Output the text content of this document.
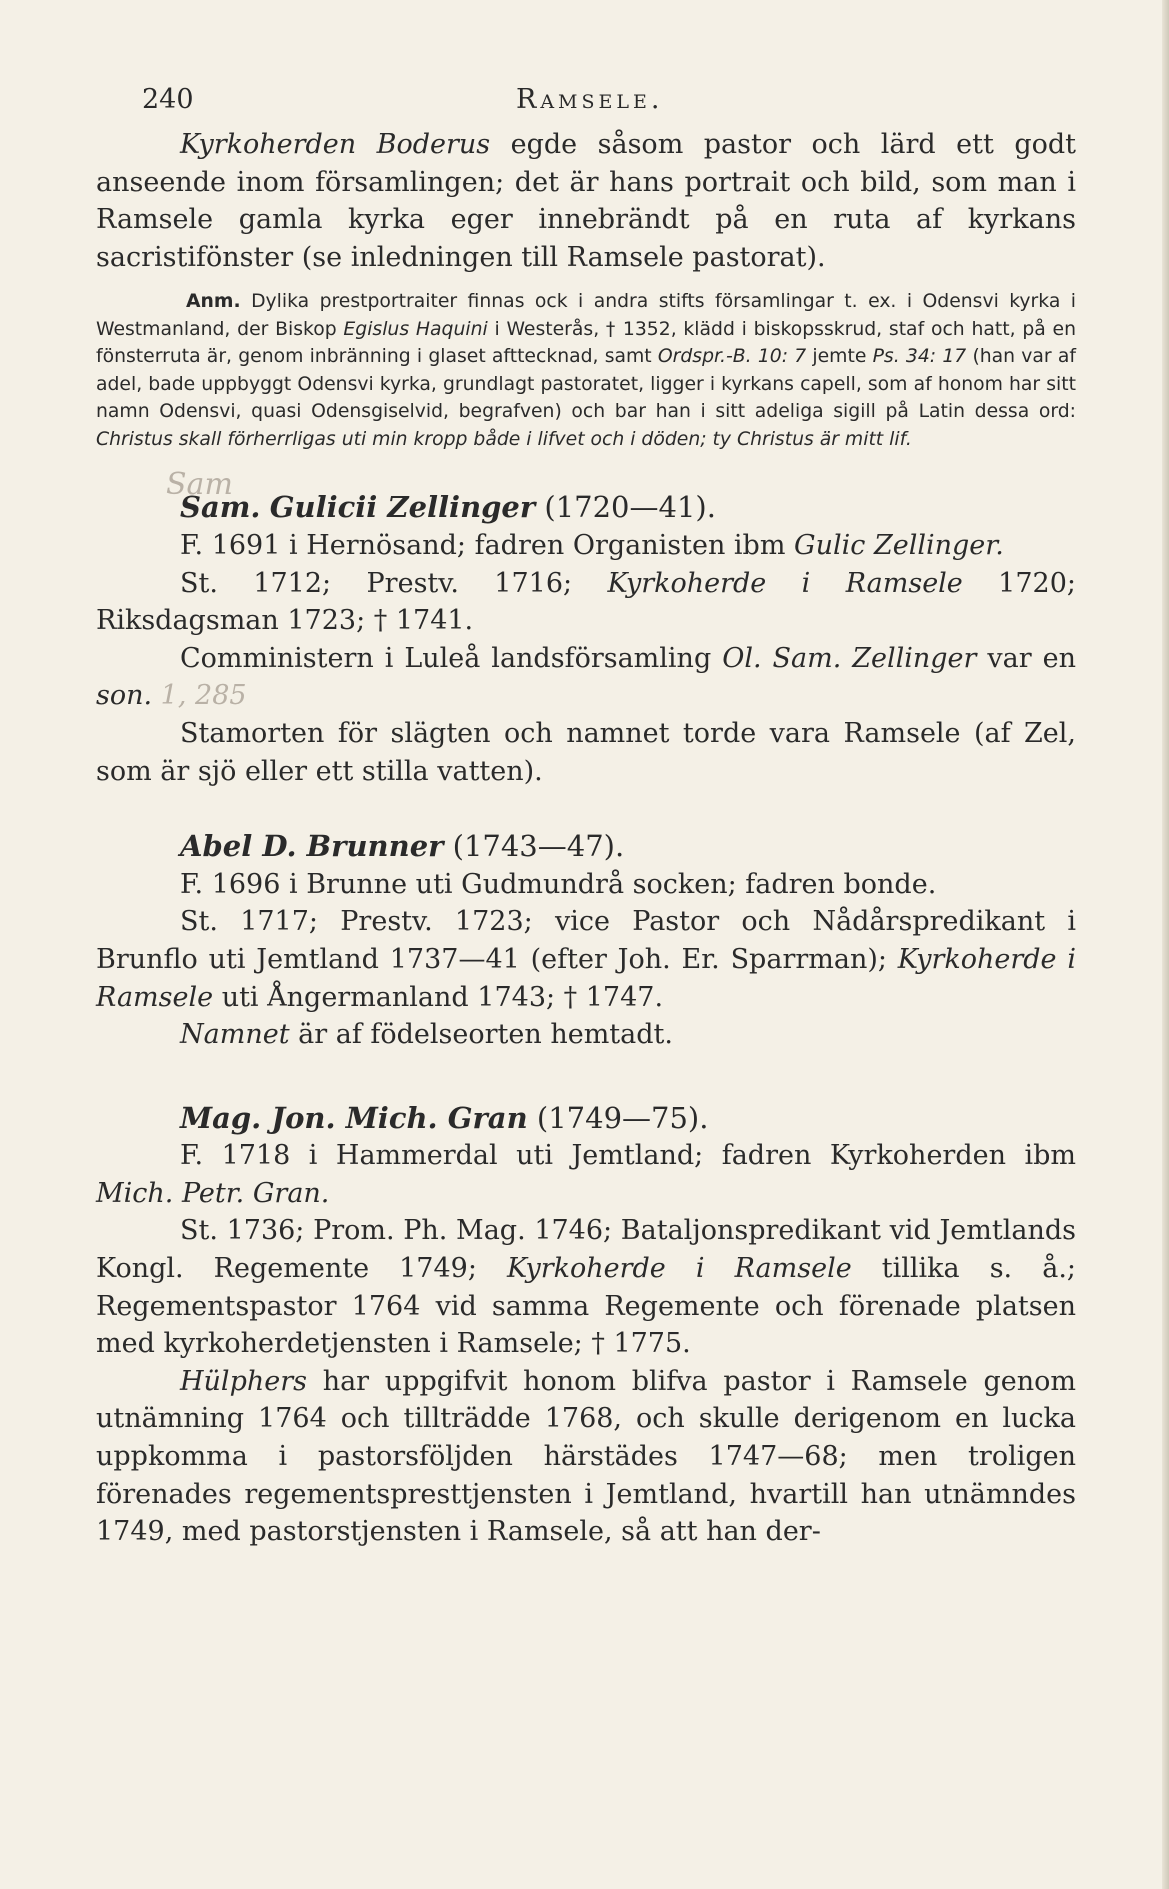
240	Ramsele.

Kyrkoherden Boderus egde såsom pastor och lärd ett godt anseende inom församlingen; det är hans portrait och bild, som man i Ramsele gamla kyrka eger innebrändt på en ruta af kyrkans sacristifönster (se inledningen till Ramsele pastorat).

Anm. Dylika prestportraiter finnas ock i andra stifts församlingar t. ex. i Odensvi kyrka i Westmanland, der Biskop Egislus Haquini i Westerås, † 1352, klädd i biskopsskrud, staf och hatt, på en fönsterruta är, genom inbränning i glaset afttecknad, samt Ordspr.-B. 10: 7 jemte Ps. 34: 17 (han var af adel, bade uppbyggt Odensvi kyrka, grundlagt pastoratet, ligger i kyrkans capell, som af honom har sitt namn Odensvi, quasi Odensgiselvid, begrafven) och bar han i sitt adeliga sigill på Latin dessa ord: Christus skall förherrligas uti min kropp både i lifvet och i döden; ty Christus är mitt lif.

Sam
Sam. Gulicii Zellinger (1720—41).

F. 1691 i Hernösand; fadren Organisten ibm Gulic Zellinger.

St. 1712; Prestv. 1716; Kyrkoherde i Ramsele 1720; Riksdagsman 1723; † 1741.

Comministern i Luleå landsförsamling Ol. Sam. Zellinger var en son. 1, 285

Stamorten för slägten och namnet torde vara Ramsele (af Zel, som är sjö eller ett stilla vatten).

Abel D. Brunner (1743—47).

F. 1696 i Brunne uti Gudmundrå socken; fadren bonde.

St. 1717; Prestv. 1723; vice Pastor och Nådårspredikant i Brunflo uti Jemtland 1737—41 (efter Joh. Er. Sparrman); Kyrkoherde i Ramsele uti Ångermanland 1743; † 1747.

Namnet är af födelseorten hemtadt.

Mag. Jon. Mich. Gran (1749—75).

F. 1718 i Hammerdal uti Jemtland; fadren Kyrkoherden ibm Mich. Petr. Gran.

St. 1736; Prom. Ph. Mag. 1746; Bataljonspredikant vid Jemtlands Kongl. Regemente 1749; Kyrkoherde i Ramsele tillika s. å.; Regementspastor 1764 vid samma Regemente och förenade platsen med kyrkoherdetjensten i Ramsele; † 1775.

Hülphers har uppgifvit honom blifva pastor i Ramsele genom utnämning 1764 och tillträdde 1768, och skulle derigenom en lucka uppkomma i pastorsföljden härstädes 1747—68; men troligen förenades regementspresttjensten i Jemtland, hvartill han utnämndes 1749, med pastorstjensten i Ramsele, så att han der-
